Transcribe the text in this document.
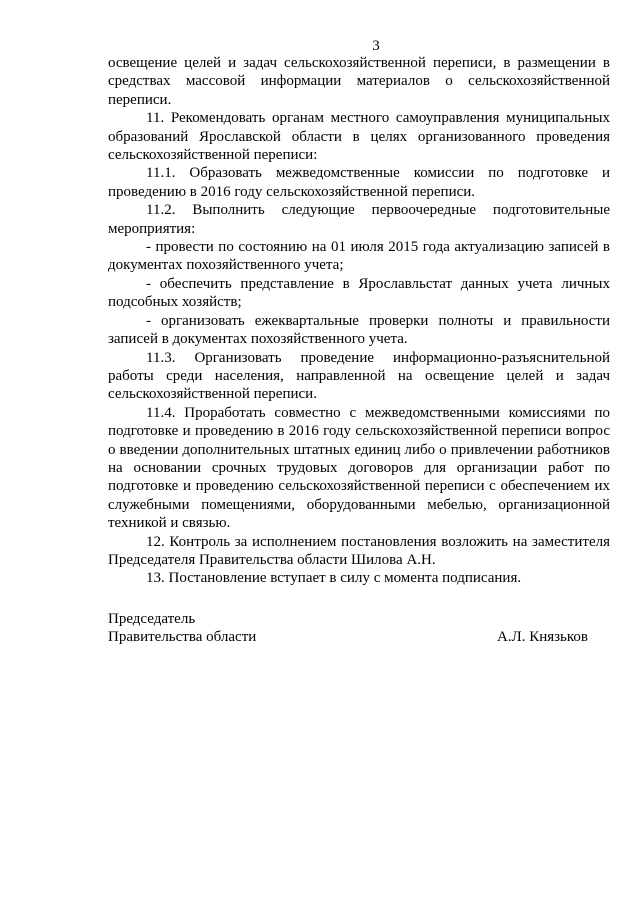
3

освещение целей и задач сельскохозяйственной переписи, в размещении в средствах массовой информации материалов о сельскохозяйственной переписи.

11. Рекомендовать органам местного самоуправления муниципальных образований Ярославской области в целях организованного проведения сельскохозяйственной переписи:

11.1. Образовать межведомственные комиссии по подготовке и проведению в 2016 году сельскохозяйственной переписи.

11.2. Выполнить следующие первоочередные подготовительные мероприятия:

- провести по состоянию на 01 июля 2015 года актуализацию записей в документах похозяйственного учета;

- обеспечить представление в Ярославльстат данных учета личных подсобных хозяйств;

- организовать ежеквартальные проверки полноты и правильности записей в документах похозяйственного учета.

11.3. Организовать проведение информационно-разъяснительной работы среди населения, направленной на освещение целей и задач сельскохозяйственной переписи.

11.4. Проработать совместно с межведомственными комиссиями по подготовке и проведению в 2016 году сельскохозяйственной переписи вопрос о введении дополнительных штатных единиц либо о привлечении работников на основании срочных трудовых договоров для организации работ по подготовке и проведению сельскохозяйственной переписи с обеспечением их служебными помещениями, оборудованными мебелью, организационной техникой и связью.

12. Контроль за исполнением постановления возложить на заместителя Председателя Правительства области Шилова А.Н.

13. Постановление вступает в силу с момента подписания.

Председатель
Правительства области	А.Л. Князьков
